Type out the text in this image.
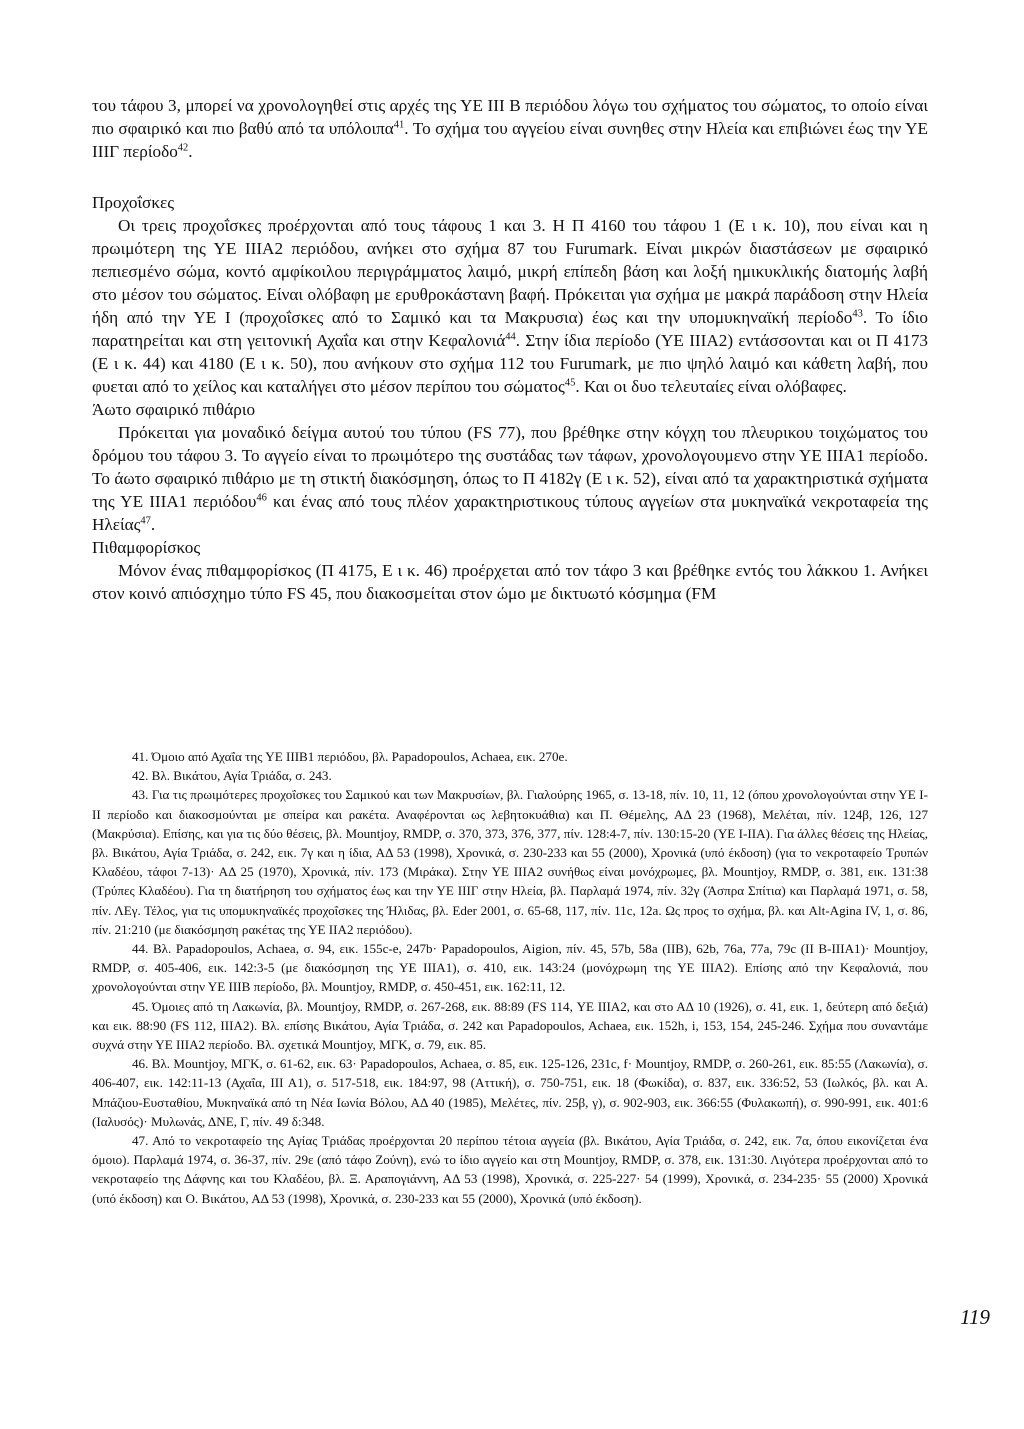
του τάφου 3, μπορεί να χρονολογηθεί στις αρχές της ΥΕ ΙΙΙ Β περιόδου λόγω του σχήματος του σώματος, το οποίο είναι πιο σφαιρικό και πιο βαθύ από τα υπόλοιπα$^{41}$. Το σχήμα του αγγείου είναι συνηθες στην Ηλεία και επιβιώνει έως την ΥΕ ΙΙΙΓ περίοδο$^{42}$.

Προχοΐσκες

Οι τρεις προχοΐσκες προέρχονται από τους τάφους 1 και 3. Η Π 4160 του τάφου 1 (Ε ι κ. 10), που είναι και η πρωιμότερη της ΥΕ ΙΙΙΑ2 περιόδου, ανήκει στο σχήμα 87 του Furumark. Είναι μικρών διαστάσεων με σφαιρικό πεπιεσμένο σώμα, κοντό αμφίκοιλου περιγράμματος λαιμό, μικρή επίπεδη βάση και λοξή ημικυκλικής διατομής λαβή στο μέσον του σώματος. Είναι ολόβαφη με ερυθροκάστανη βαφή. Πρόκειται για σχήμα με μακρά παράδοση στην Ηλεία ήδη από την ΥΕ Ι (προχοΐσκες από το Σαμικό και τα Μακρυσια) έως και την υπομυκηναϊκή περίοδο$^{43}$. Το ίδιο παρατηρείται και στη γειτονική Αχαΐα και στην Κεφαλονιά$^{44}$. Στην ίδια περίοδο (ΥΕ ΙΙΙΑ2) εντάσσονται και οι Π 4173 (Ε ι κ. 44) και 4180 (Ε ι κ. 50), που ανήκουν στο σχήμα 112 του Furumark, με πιο ψηλό λαιμό και κάθετη λαβή, που φυεται από το χείλος και καταλήγει στο μέσον περίπου του σώματος$^{45}$. Και οι δυο τελευταίες είναι ολόβαφες.

Άωτο σφαιρικό πιθάριο

Πρόκειται για μοναδικό δείγμα αυτού του τύπου (FS 77), που βρέθηκε στην κόγχη του πλευρικου τοιχώματος του δρόμου του τάφου 3. Το αγγείο είναι το πρωιμότερο της συστάδας των τάφων, χρονολογουμενο στην ΥΕ ΙΙΙΑ1 περίοδο. Το άωτο σφαιρικό πιθάριο με τη στικτή διακόσμηση, όπως το Π 4182γ (Ε ι κ. 52), είναι από τα χαρακτηριστικά σχήματα της ΥΕ ΙΙΙΑ1 περιόδου$^{46}$ και ένας από τους πλέον χαρακτηριστικους τύπους αγγείων στα μυκηναϊκά νεκροταφεία της Ηλείας$^{47}$.

Πιθαμφορίσκος

Μόνον ένας πιθαμφορίσκος (Π 4175, Ε ι κ. 46) προέρχεται από τον τάφο 3 και βρέθηκε εντός του λάκκου 1. Ανήκει στον κοινό απιόσχημο τύπο FS 45, που διακοσμείται στον ώμο με δικτυωτό κόσμημα (FM

41. Όμοιο από Αχαΐα της ΥΕ ΙΙΙΒ1 περιόδου, βλ. Papadopoulos, Achaea, εικ. 270e.

42. Βλ. Βικάτου, Αγία Τριάδα, σ. 243.

43. Για τις πρωιμότερες προχοΐσκες του Σαμικού και των Μακρυσίων, βλ. Γιαλούρης 1965, σ. 13-18, πίν. 10, 11, 12 (όπου χρονολογούνται στην ΥΕ Ι-ΙΙ περίοδο και διακοσμούνται με σπείρα και ρακέτα. Αναφέρονται ως λεβητοκυάθια) και Π. Θέμελης, ΑΔ 23 (1968), Μελέται, πίν. 124β, 126, 127 (Μακρύσια). Επίσης, και για τις δύο θέσεις, βλ. Mountjoy, RMDP, σ. 370, 373, 376, 377, πίν. 128:4-7, πίν. 130:15-20 (ΥΕ Ι-ΙΙΑ). Για άλλες θέσεις της Ηλείας, βλ. Βικάτου, Αγία Τριάδα, σ. 242, εικ. 7γ και η ίδια, ΑΔ 53 (1998), Χρονικά, σ. 230-233 και 55 (2000), Χρονικά (υπό έκδοση) (για το νεκροταφείο Τρυπών Κλαδέου, τάφοι 7-13)· ΑΔ 25 (1970), Χρονικά, πίν. 173 (Μιράκα). Στην ΥΕ ΙΙΙΑ2 συνήθως είναι μονόχρωμες, βλ. Mountjoy, RMDP, σ. 381, εικ. 131:38 (Τρύπες Κλαδέου). Για τη διατήρηση του σχήματος έως και την ΥΕ ΙΙΙΓ στην Ηλεία, βλ. Παρλαμά 1974, πίν. 32γ (Άσπρα Σπίτια) και Παρλαμά 1971, σ. 58, πίν. ΛΕγ. Τέλος, για τις υπομυκηναϊκές προχοΐσκες της Ήλιδας, βλ. Eder 2001, σ. 65-68, 117, πίν. 11c, 12a. Ως προς το σχήμα, βλ. και Alt-Agina IV, 1, σ. 86, πίν. 21:210 (με διακόσμηση ρακέτας της ΥΕ ΙΙΑ2 περιόδου).

44. Βλ. Papadopoulos, Achaea, σ. 94, εικ. 155c-e, 247b· Papadopoulos, Aigion, πίν. 45, 57b, 58a (ΙΙΒ), 62b, 76a, 77a, 79c (ΙΙ Β-ΙΙΙΑ1)· Mountjoy, RMDP, σ. 405-406, εικ. 142:3-5 (με διακόσμηση της ΥΕ ΙΙΙΑ1), σ. 410, εικ. 143:24 (μονόχρωμη της ΥΕ ΙΙΙΑ2). Επίσης από την Κεφαλονιά, που χρονολογούνται στην ΥΕ ΙΙΙΒ περίοδο, βλ. Mountjoy, RMDP, σ. 450-451, εικ. 162:11, 12.

45. Όμοιες από τη Λακωνία, βλ. Mountjoy, RMDP, σ. 267-268, εικ. 88:89 (FS 114, ΥΕ ΙΙΙΑ2, και στο ΑΔ 10 (1926), σ. 41, εικ. 1, δεύτερη από δεξιά) και εικ. 88:90 (FS 112, ΙΙΙΑ2). Βλ. επίσης Βικάτου, Αγία Τριάδα, σ. 242 και Papadopoulos, Achaea, εικ. 152h, i, 153, 154, 245-246. Σχήμα που συναντάμε συχνά στην ΥΕ ΙΙΙΑ2 περίοδο. Βλ. σχετικά Mountjoy, ΜΓΚ, σ. 79, εικ. 85.

46. Βλ. Mountjoy, ΜΓΚ, σ. 61-62, εικ. 63· Papadopoulos, Achaea, σ. 85, εικ. 125-126, 231c, f· Mountjoy, RMDP, σ. 260-261, εικ. 85:55 (Λακωνία), σ. 406-407, εικ. 142:11-13 (Αχαΐα, ΙΙΙ Α1), σ. 517-518, εικ. 184:97, 98 (Αττική), σ. 750-751, εικ. 18 (Φωκίδα), σ. 837, εικ. 336:52, 53 (Ιωλκός, βλ. και Α. Μπάζιου-Ευσταθίου, Μυκηναϊκά από τη Νέα Ιωνία Βόλου, ΑΔ 40 (1985), Μελέτες, πίν. 25β, γ), σ. 902-903, εικ. 366:55 (Φυλακωπή), σ. 990-991, εικ. 401:6 (Ιαλυσός)· Μυλωνάς, ΔΝΕ, Γ, πίν. 49 δ:348.

47. Από το νεκροταφείο της Αγίας Τριάδας προέρχονται 20 περίπου τέτοια αγγεία (βλ. Βικάτου, Αγία Τριάδα, σ. 242, εικ. 7α, όπου εικονίζεται ένα όμοιο). Παρλαμά 1974, σ. 36-37, πίν. 29ε (από τάφο Ζούνη), ενώ το ίδιο αγγείο και στη Mountjoy, RMDP, σ. 378, εικ. 131:30. Λιγότερα προέρχονται από το νεκροταφείο της Δάφνης και του Κλαδέου, βλ. Ξ. Αραπογιάννη, ΑΔ 53 (1998), Χρονικά, σ. 225-227· 54 (1999), Χρονικά, σ. 234-235· 55 (2000) Χρονικά (υπό έκδοση) και Ο. Βικάτου, ΑΔ 53 (1998), Χρονικά, σ. 230-233 και 55 (2000), Χρονικά (υπό έκδοση).

119
